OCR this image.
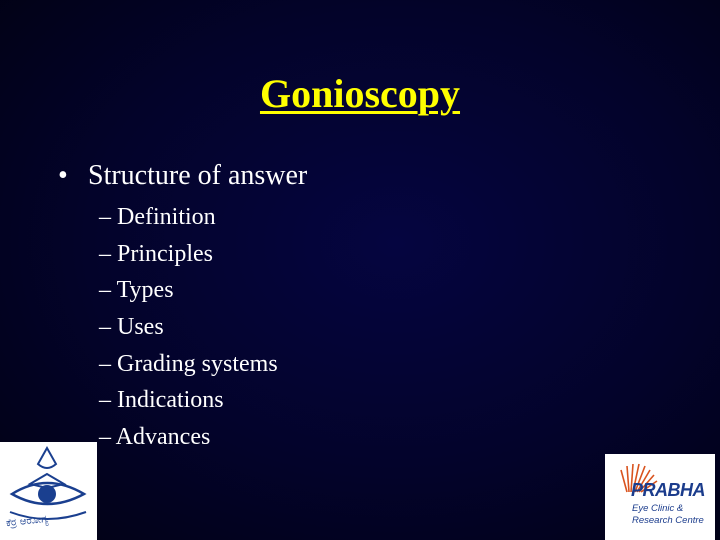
Gonioscopy
• Structure of answer
– Definition
– Principles
– Types
– Uses
– Grading systems
– Indications
– Advances
ಕೆರ್ರ ಆರೋಗ್ಯ
PRABHA
Eye Clinic &
Research Centre
